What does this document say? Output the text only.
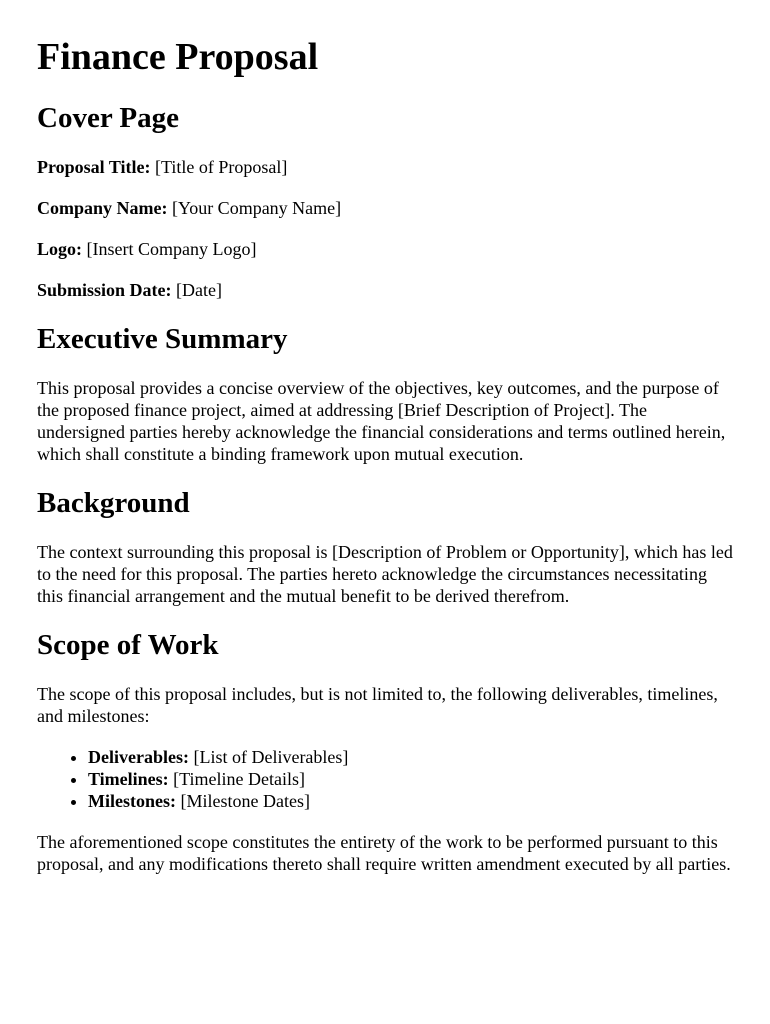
Finance Proposal
Cover Page

Proposal Title: [Title of Proposal]

Company Name: [Your Company Name]

Logo: [Insert Company Logo]

Submission Date: [Date]

Executive Summary

This proposal provides a concise overview of the objectives, key outcomes, and the purpose of the proposed finance project, aimed at addressing [Brief Description of Project]. The undersigned parties hereby acknowledge the financial considerations and terms outlined herein, which shall constitute a binding framework upon mutual execution.

Background

The context surrounding this proposal is [Description of Problem or Opportunity], which has led to the need for this proposal. The parties hereto acknowledge the circumstances necessitating this financial arrangement and the mutual benefit to be derived therefrom.

Scope of Work

The scope of this proposal includes, but is not limited to, the following deliverables, timelines, and milestones:

• Deliverables: [List of Deliverables]
• Timelines: [Timeline Details]
• Milestones: [Milestone Dates]

The aforementioned scope constitutes the entirety of the work to be performed pursuant to this proposal, and any modifications thereto shall require written amendment executed by all parties.
